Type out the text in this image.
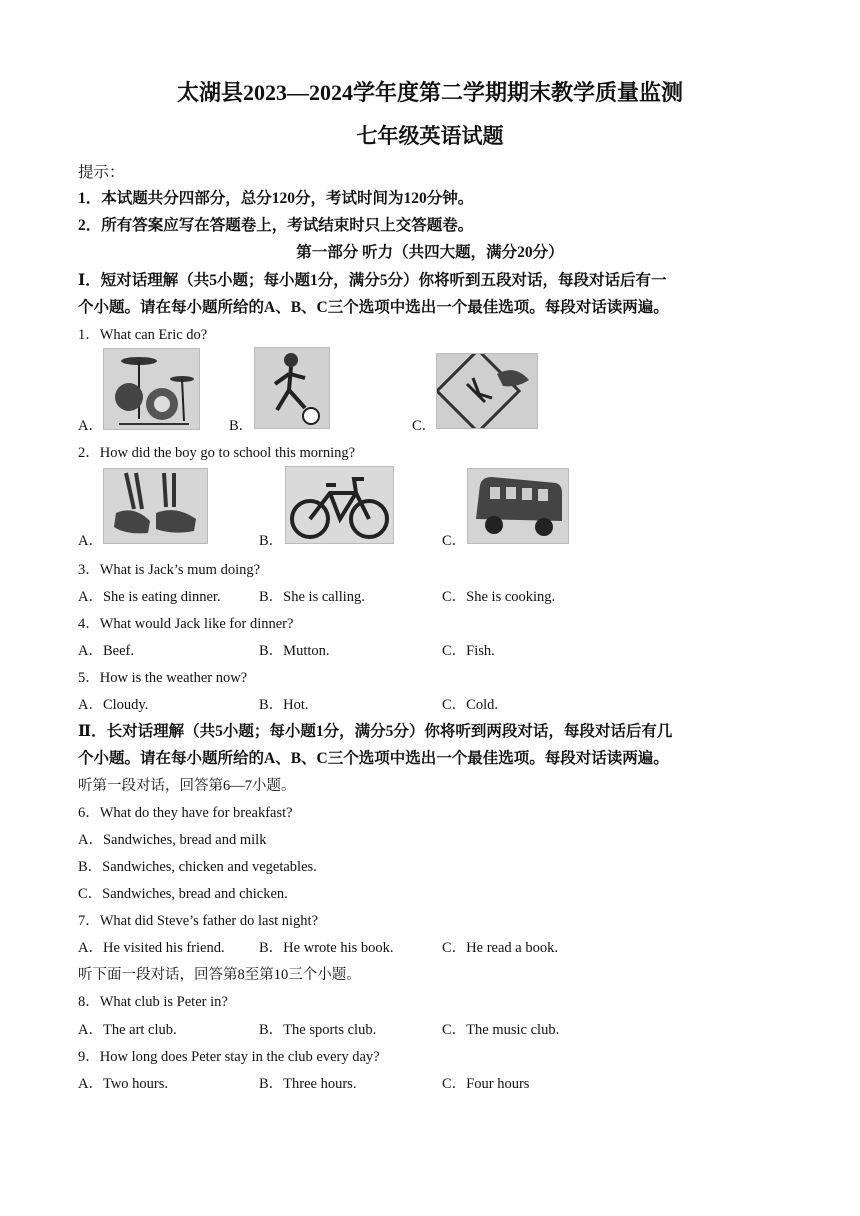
太湖县2023—2024学年度第二学期期末教学质量监测
七年级英语试题
提示：
1．本试题共分四部分，总分120分，考试时间为120分钟。
2．所有答案应写在答题卷上，考试结束时只上交答题卷。
第一部分 听力（共四大题，满分20分）
Ⅰ．短对话理解（共5小题；每小题1分，满分5分）你将听到五段对话，每段对话后有一
个小题。请在每小题所给的A、B、C三个选项中选出一个最佳选项。每段对话读两遍。
1．What can Eric do?
A．	B．	C．
2．How did the boy go to school this morning?
A．	B．	C．
3．What is Jack’s mum doing?
A．She is eating dinner.	B．She is calling.	C．She is cooking.
4．What would Jack like for dinner?
A．Beef.	B．Mutton.	C．Fish.
5．How is the weather now?
A．Cloudy.	B．Hot.	C．Cold.
Ⅱ．长对话理解（共5小题；每小题1分，满分5分）你将听到两段对话，每段对话后有几
个小题。请在每小题所给的A、B、C三个选项中选出一个最佳选项。每段对话读两遍。
听第一段对话，回答第6—7小题。
6．What do they have for breakfast?
A．Sandwiches, bread and milk
B．Sandwiches, chicken and vegetables.
C．Sandwiches, bread and chicken.
7．What did Steve’s father do last night?
A．He visited his friend. B．He wrote his book.	C．He read a book.
听下面一段对话，回答第8至第10三个小题。
8．What club is Peter in?
A．The art club.	B．The sports club.	C．The music club.
9．How long does Peter stay in the club every day?
A．Two hours.	B．Three hours.	C．Four hours
